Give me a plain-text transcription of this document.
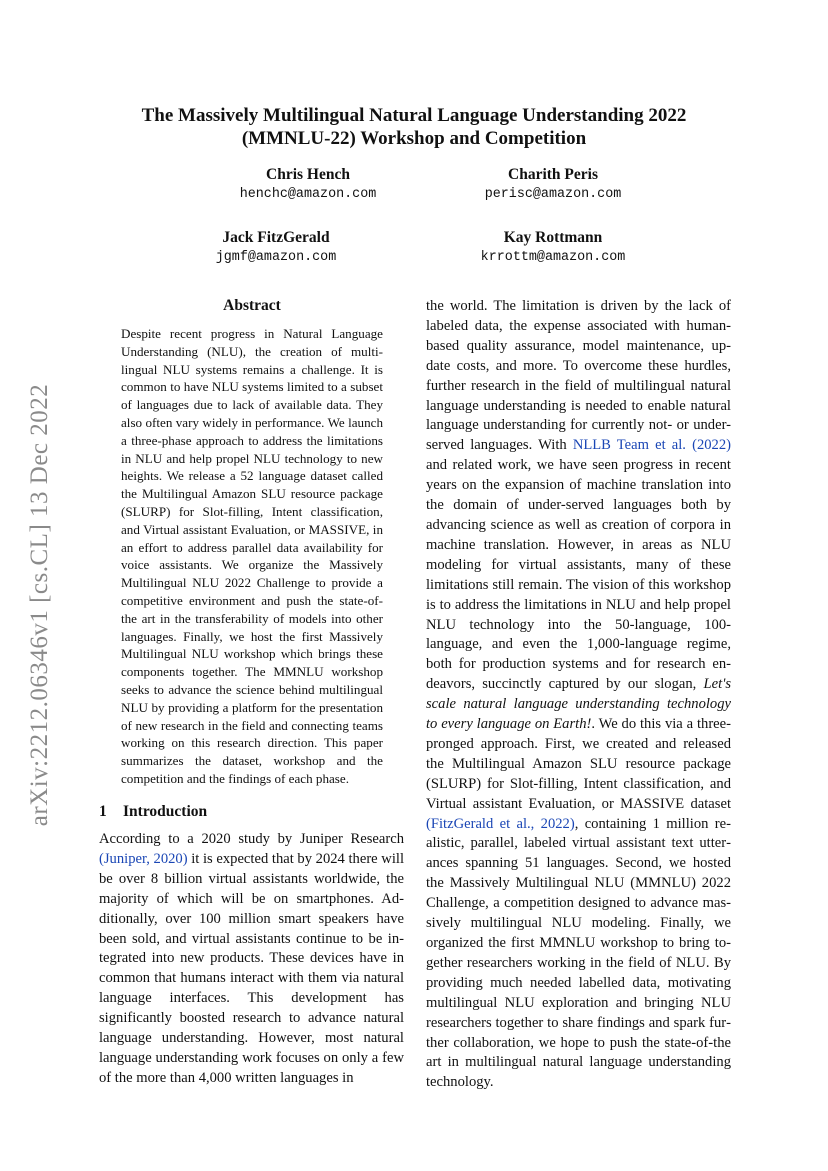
arXiv:2212.06346v1 [cs.CL] 13 Dec 2022
The Massively Multilingual Natural Language Understanding 2022
(MMNLU-22) Workshop and Competition
Chris Hench
henchc@amazon.com
Charith Peris
perisc@amazon.com
Jack FitzGerald
jgmf@amazon.com
Kay Rottmann
krrottm@amazon.com
Abstract

Despite recent progress in Natural Language Understanding (NLU), the creation of multilingual NLU systems remains a challenge. It is common to have NLU systems limited to a subset of languages due to lack of available data. They also often vary widely in performance. We launch a three-phase approach to address the limitations in NLU and help propel NLU technology to new heights. We release a 52 language dataset called the Multilingual Amazon SLU resource package (SLURP) for Slot-filling, Intent classification, and Virtual assistant Evaluation, or MASSIVE, in an effort to address parallel data availability for voice assistants. We organize the Massively Multilingual NLU 2022 Challenge to provide a competitive environment and push the state-of-the art in the transferability of models into other languages. Finally, we host the first Massively Multilingual NLU workshop which brings these components together. The MMNLU workshop seeks to advance the science behind multilingual NLU by providing a platform for the presentation of new research in the field and connecting teams working on this research direction. This paper summarizes the dataset, workshop and the competition and the findings of each phase.

1 Introduction

According to a 2020 study by Juniper Research (Juniper, 2020) it is expected that by 2024 there will be over 8 billion virtual assistants worldwide, the majority of which will be on smartphones. Additionally, over 100 million smart speakers have been sold, and virtual assistants continue to be integrated into new products. These devices have in common that humans interact with them via natural language interfaces. This development has significantly boosted research to advance natural language understanding. However, most natural language understanding work focuses on only a few of the more than 4,000 written languages in

the world. The limitation is driven by the lack of labeled data, the expense associated with human-based quality assurance, model maintenance, update costs, and more. To overcome these hurdles, further research in the field of multilingual natural language understanding is needed to enable natural language understanding for currently not- or under-served languages. With NLLB Team et al. (2022) and related work, we have seen progress in recent years on the expansion of machine translation into the domain of under-served languages both by advancing science as well as creation of corpora in machine translation. However, in areas as NLU modeling for virtual assistants, many of these limitations still remain. The vision of this workshop is to address the limitations in NLU and help propel NLU technology into the 50-language, 100-language, and even the 1,000-language regime, both for production systems and for research endeavors, succinctly captured by our slogan, Let's scale natural language understanding technology to every language on Earth!. We do this via a three-pronged approach. First, we created and released the Multilingual Amazon SLU resource package (SLURP) for Slot-filling, Intent classification, and Virtual assistant Evaluation, or MASSIVE dataset (FitzGerald et al., 2022), containing 1 million realistic, parallel, labeled virtual assistant text utterances spanning 51 languages. Second, we hosted the Massively Multilingual NLU (MMNLU) 2022 Challenge, a competition designed to advance massively multilingual NLU modeling. Finally, we organized the first MMNLU workshop to bring together researchers working in the field of NLU. By providing much needed labelled data, motivating multilingual NLU exploration and bringing NLU researchers together to share findings and spark further collaboration, we hope to push the state-of-the art in multilingual natural language understanding technology.
